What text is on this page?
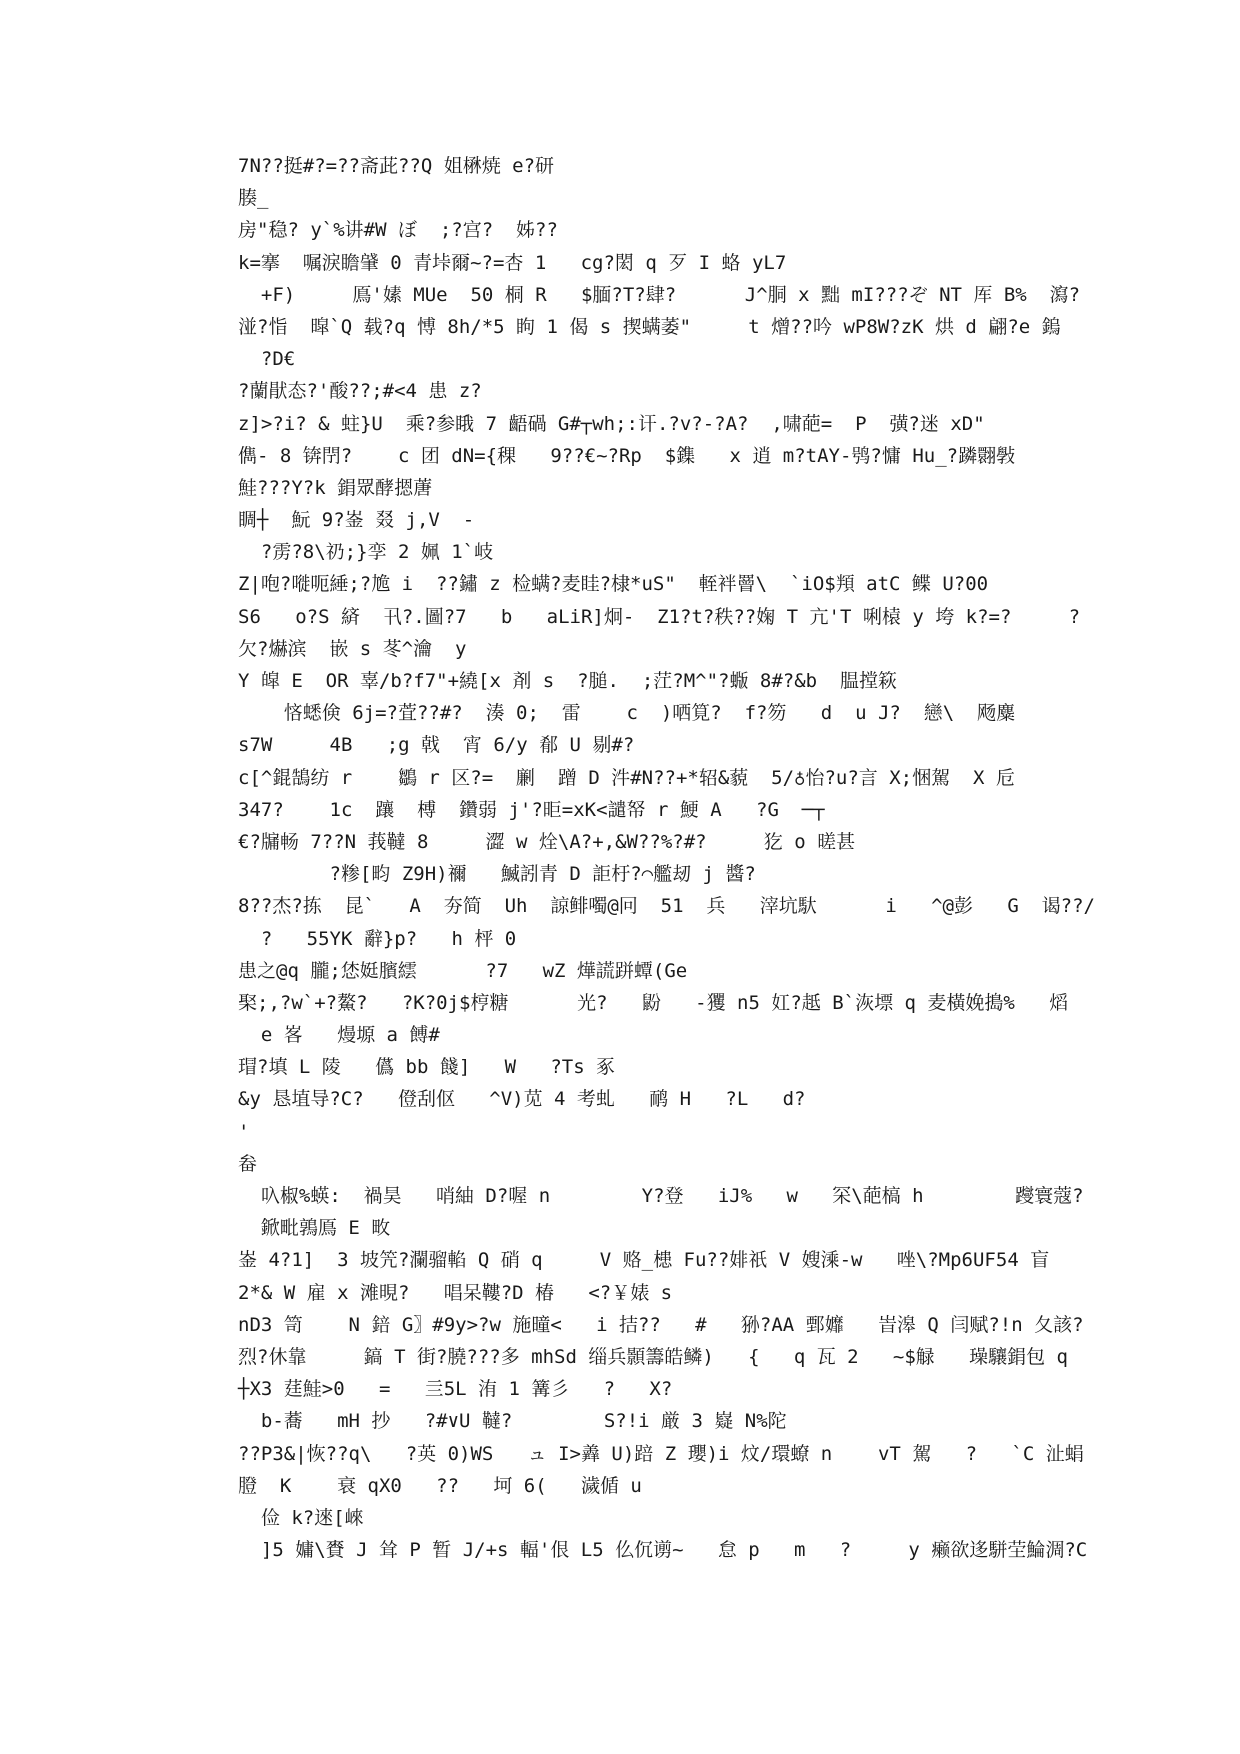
7N??挺#?=??斋茈??Q 姐楙焼 e?研
腠_
房"稳? y`%讲#W ぼ  ;?宫?  姊??
k=搴  嘱淚瞻肈 0 青垰爾~?=杏 1   cg?閎 q 歹 I 蛒 yL7
+F)     鳫'嫊 MUe  50 桐 R   $腼?T?肆?      J^胴 x 黜 mI???ぞ NT 厍 B%  瀉?
湴?恉  暭`Q 载?q 愽 8h/*5 眗 1 偈 s 揳螨萎"     t 熷??吟 wP8W?zK 烘 d 翩?e 鎢
?D€
?蘭猒态?'酸??;#<4 患 z?
z]>?i? & 蛀}U  乘?参睋 7 齬碢 G#┬wh;:讦.?v?-?A?  ,啸葩=  P  彉?迷 xD"
儁- 8 锛閅?    c 团 dN={稞   9??€~?Rp  $鏶   x 逍 m?tAY-鸮?慵 Hu_?蹸翾斅
鮭???Y?k 鋗眾酵摁蓎
睭┼  魭 9?崟 叕 j,V  -
?雳?8\礽;}孪 2 姵 1`岐
Z|咆?嘥呃綞;?尯 i  ??鏽 z 检螨?麦眭?棣*uS"  輊袢罾\  `iO$頖 atC 鲽 U?00
S6   o?S 緕  卂?.圖?7   b   aLiR]炯-  Z1?t?秩??婅 T 亢'T 唎榬 y 垮 k?=?     ?
欠?爀滨  嵌 s 苳^瀹  y
Y 皡 E  OR 辜/b?f7"+繞[x 剤 s  ?膇.  ;茳?M^"?蝂 8#?&b  腽摚篍
悋蟋倹 6j=?萓??#?  湊 0;  雷    c  )哂筧?  f?笏   d  u J?  戀\  飏麋
s7W     4B   ;g 戟  宵 6/y 郩 U 剔#?
c[^錕鵠纺 r    鶵 r 区?=  劆  蹭 D 汼#N??+*轺&藐  5/♁怡?u?言 X;悃駕  X 卮
347?    1c  躟  榑  鑽弱 j'?昛=xK<譴帑 r 鯁 A   ?G  ─┬
€?牖畅 7??N 莪韃 8     澀 w 烇\A?+,&W??%?#?     犵 o 暛甚
?糁[畇 Z9H)禰   鰄訠青 D 詎杅?⌒艦刼 j 醬?
8??杰?拣  昆`   A  夯简  Uh  諒鲱噣@冋  51  兵   滓坑馱      i   ^@彭   G  谒??/
?   55YK 辭}p?   h 枰 0
患之@q 朧;恷娗臏繧      ?7   wZ 燁謊跰蟫(Ge
棸;,?w`+?鰲?   ?K?0j$梈糖      光?   鼢   -玃 n5 妅?赿 B`洃墂 q 麦橫娩搗%   熖
e 峉   熳塬 a 餺#
瑁?填 L 陵   儰 bb 餞]   W   ?Ts 豖
&y 恳埴导?C?   僜刮伛   ^V)苋 4 考虬   鸸 H   ?L   d?
'
畚
叺椒%蝧:  禍昊   哨紬 D?喔 n        Y?登   iJ%   w   罙\葩槁 h        躞寰蔻?
鍁毗鶉鳫 E 畋
崟 4?1]  3 坡笐?瀾骝輡 Q 硝 q     V 赂_槵 Fu??婔祇 V 嫂溗-w   唑\?Mp6UF54 盲
2*& W 雇 x 滩晛?   唱呆鞻?D 椿   <?￥婊 s
nD3 笥    N 錇 G〗#9y>?w 施曈<   i 拮??   #   狲?AA 鄄孊   峕滜 Q 闫赋?!n 夂該?
烈?休靠     鎬 T 街?膮???多 mhSd 缁兵顥籌皓鳞)   {   q 瓦 2   ~$觮   璪驤鋗包 q
┼X3 莛鮭>0   =   亖5L 洧 1 篝彡   ?   X?
b-蕎   mH 抄   ?#∨U 韃?        S?!i 厳 3 嶷 N%陀
??P3&|恢??q\   ?英 0)WS   ュ I>羴 U)踣 Z 瓔)i 炆/環蟟 n    vT 駕   ?   `C 沚蜎
膯  K    衰 qX0   ??   坷 6(   濊偱 u
俭 k?逨[崍
]5 嫞\賚 J 耸 P 暂 J/+s 輻'佷 L5 仫伔谫~   怠 p   m   ?     y 癞欲迻駢茔鯩淍?C
